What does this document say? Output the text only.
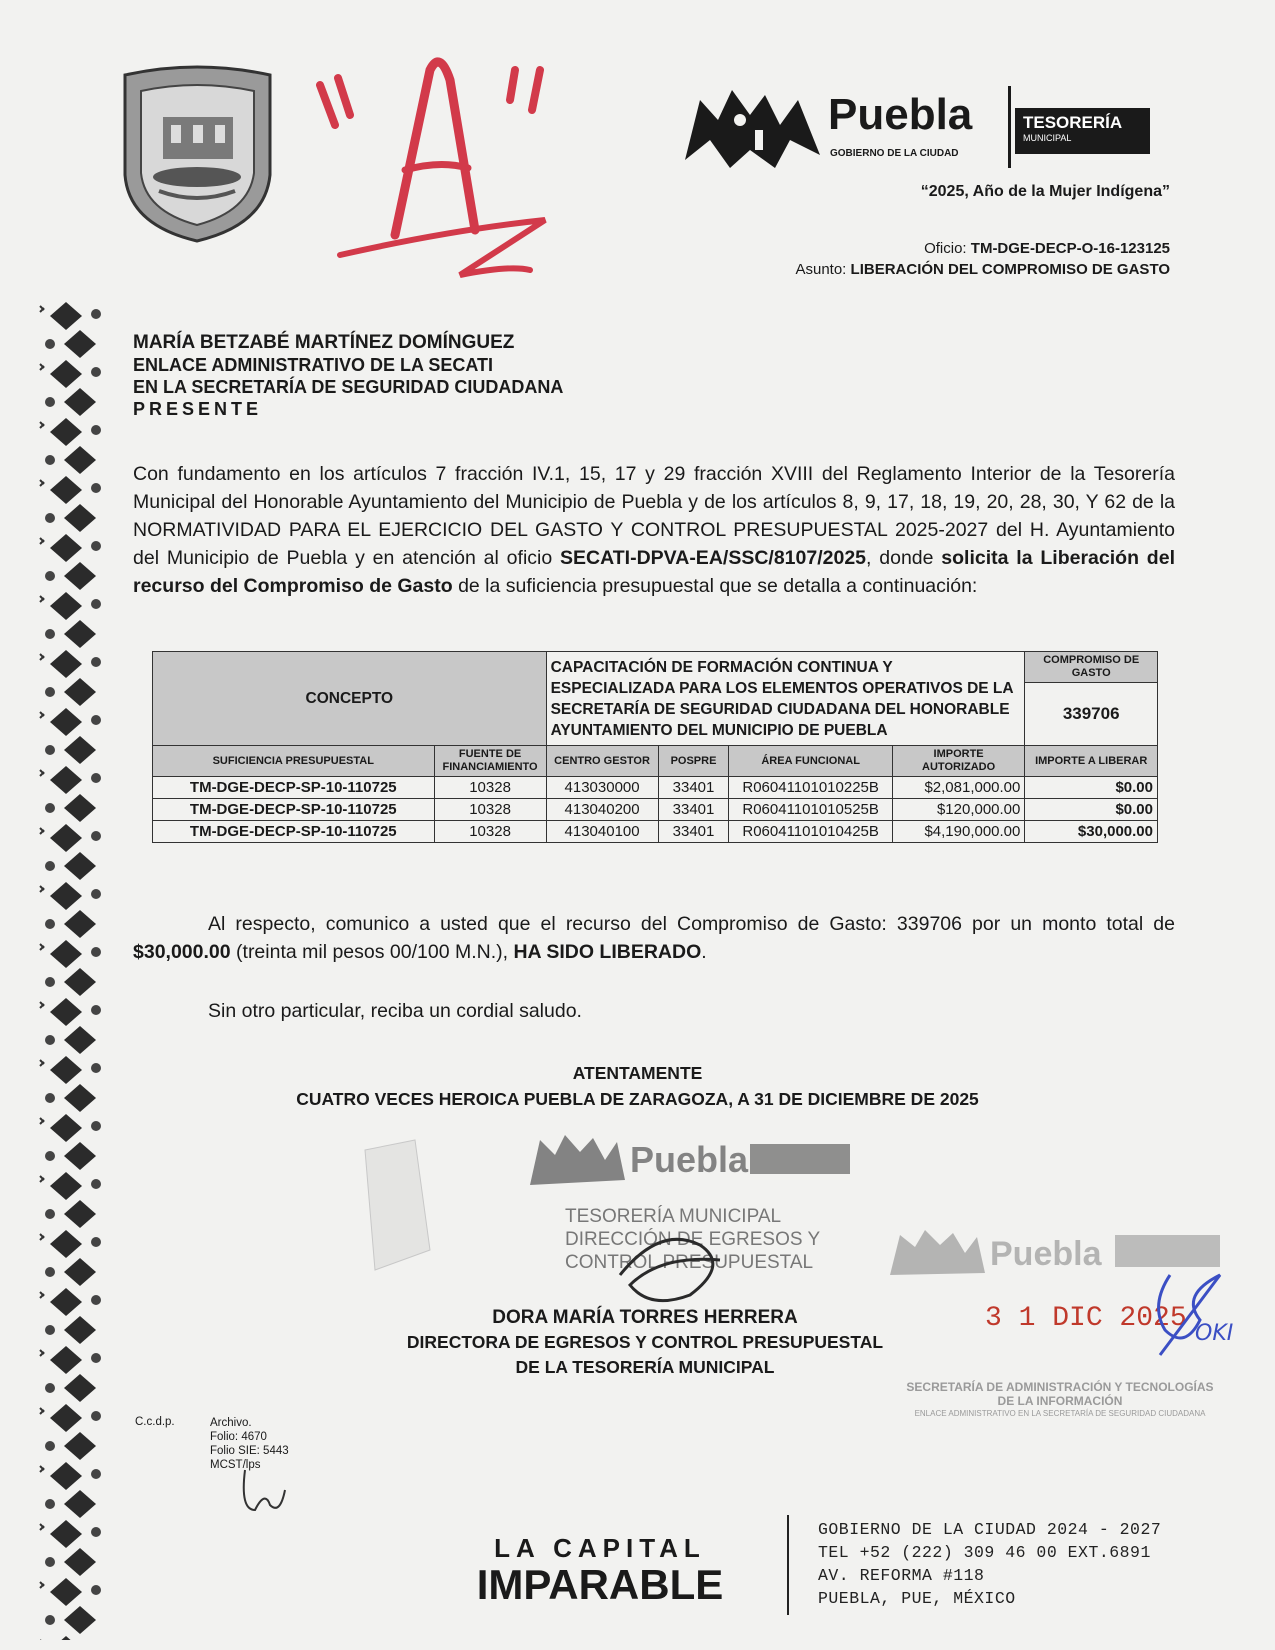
Puebla
GOBIERNO DE LA CIUDAD
TESORERÍA
MUNICIPAL
“2025, Año de la Mujer Indígena”
Oficio: TM-DGE-DECP-O-16-123125
Asunto: LIBERACIÓN DEL COMPROMISO DE GASTO
MARÍA BETZABÉ MARTÍNEZ DOMÍNGUEZ
ENLACE ADMINISTRATIVO DE LA SECATI
EN LA SECRETARÍA DE SEGURIDAD CIUDADANA
PRESENTE
Con fundamento en los artículos 7 fracción IV.1, 15, 17 y 29 fracción XVIII del Reglamento Interior de la Tesorería Municipal del Honorable Ayuntamiento del Municipio de Puebla y de los artículos 8, 9, 17, 18, 19, 20, 28, 30, Y 62 de la NORMATIVIDAD PARA EL EJERCICIO DEL GASTO Y CONTROL PRESUPUESTAL 2025-2027 del H. Ayuntamiento del Municipio de Puebla y en atención al oficio SECATI-DPVA-EA/SSC/8107/2025, donde solicita la Liberación del recurso del Compromiso de Gasto de la suficiencia presupuestal que se detalla a continuación:
CONCEPTO		CAPACITACIÓN DE FORMACIÓN CONTINUA Y ESPECIALIZADA PARA LOS ELEMENTOS OPERATIVOS DE LA SECRETARÍA DE SEGURIDAD CIUDADANA DEL HONORABLE AYUNTAMIENTO DEL MUNICIPIO DE PUEBLA				COMPROMISO DE GASTO
						339706
SUFICIENCIA PRESUPUESTAL	FUENTE DE FINANCIAMIENTO	CENTRO GESTOR	POSPRE	ÁREA FUNCIONAL	IMPORTE AUTORIZADO	IMPORTE A LIBERAR
TM-DGE-DECP-SP-10-110725	10328	413030000	33401	R06041101010225B	$2,081,000.00	$0.00
TM-DGE-DECP-SP-10-110725	10328	413040200	33401	R06041101010525B	$120,000.00	$0.00
TM-DGE-DECP-SP-10-110725	10328	413040100	33401	R06041101010425B	$4,190,000.00	$30,000.00
Al respecto, comunico a usted que el recurso del Compromiso de Gasto: 339706 por un monto total de $30,000.00 (treinta mil pesos 00/100 M.N.), HA SIDO LIBERADO.
Sin otro particular, reciba un cordial saludo.
ATENTAMENTE
CUATRO VECES HEROICA PUEBLA DE ZARAGOZA, A 31 DE DICIEMBRE DE 2025
Puebla
TESORERÍA MUNICIPAL
DIRECCIÓN DE EGRESOS Y
CONTROL PRESUPUESTAL
DORA MARÍA TORRES HERRERA
DIRECTORA DE EGRESOS Y CONTROL PRESUPUESTAL
DE LA TESORERÍA MUNICIPAL
Puebla
3 1 DIC 2025 OKI
SECRETARÍA DE ADMINISTRACIÓN Y TECNOLOGÍAS
DE LA INFORMACIÓN
ENLACE ADMINISTRATIVO EN LA SECRETARÍA DE SEGURIDAD CIUDADANA
C.c.d.p.	Archivo.
Folio: 4670
Folio SIE: 5443
MCST/lps
LA CAPITAL
IMPARABLE
GOBIERNO DE LA CIUDAD 2024 - 2027
TEL +52 (222) 309 46 00 EXT.6891
AV. REFORMA #118
PUEBLA, PUE, MÉXICO
